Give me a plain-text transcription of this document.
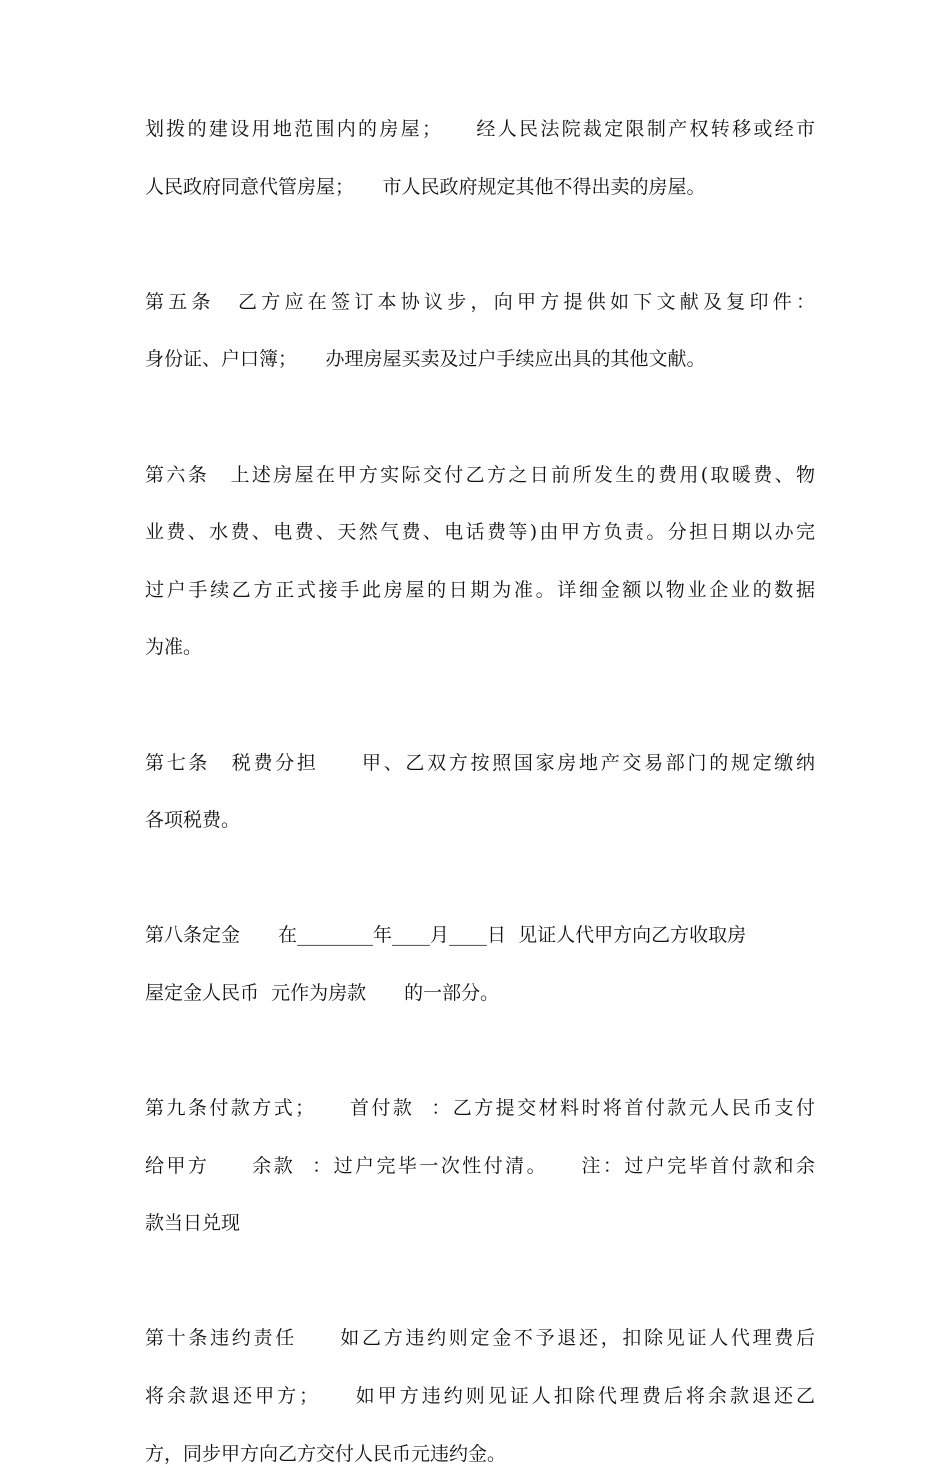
划拨的建设用地范围内的房屋；　　经人民法院裁定限制产权转移或经市
人民政府同意代管房屋；　　市人民政府规定其他不得出卖的房屋。
第五条　乙方应在签订本协议步，向甲方提供如下文献及复印件：
身份证、户口簿；　　办理房屋买卖及过户手续应出具的其他文献。
第六条　上述房屋在甲方实际交付乙方之日前所发生的费用(取暖费、物
业费、水费、电费、天然气费、电话费等)由甲方负责。分担日期以办完
过户手续乙方正式接手此房屋的日期为准。详细金额以物业企业的数据
为准。
第七条　税费分担　　甲、乙双方按照国家房地产交易部门的规定缴纳
各项税费。
第八条定金　　在________年____月____日  见证人代甲方向乙方收取房
屋定金人民币  元作为房款　　的一部分。
第九条付款方式；　　首付款  ：乙方提交材料时将首付款元人民币支付
给甲方　　余款  ：过户完毕一次性付清。　　注：过户完毕首付款和余
款当日兑现
第十条违约责任　　如乙方违约则定金不予退还，扣除见证人代理费后
将余款退还甲方；　　如甲方违约则见证人扣除代理费后将余款退还乙
方，同步甲方向乙方交付人民币元违约金。
